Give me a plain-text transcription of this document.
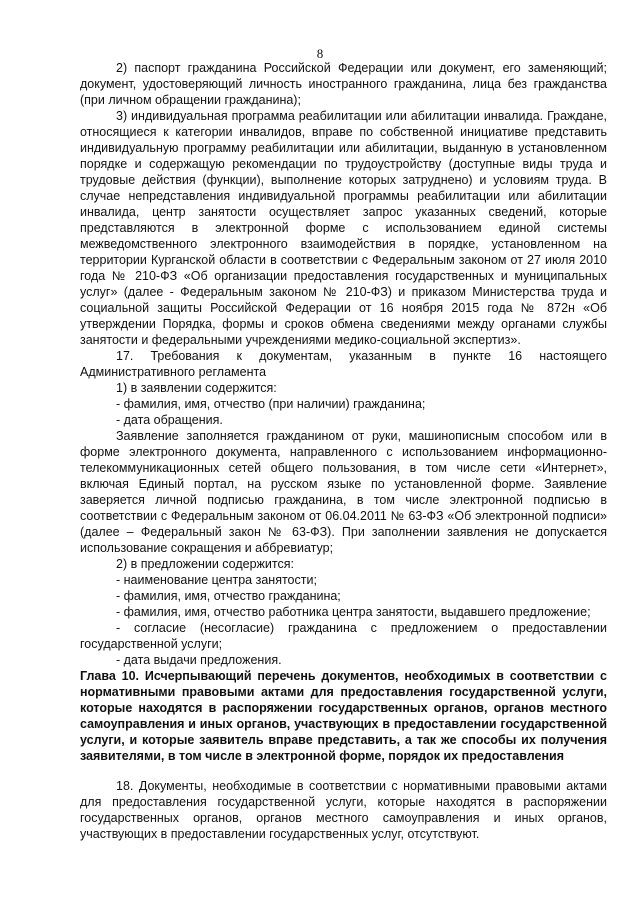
8

2) паспорт гражданина Российской Федерации или документ, его заменяющий; документ, удостоверяющий личность иностранного гражданина, лица без гражданства (при личном обращении гражданина);

3) индивидуальная программа реабилитации или абилитации инвалида. Граждане, относящиеся к категории инвалидов, вправе по собственной инициативе представить индивидуальную программу реабилитации или абилитации, выданную в установленном порядке и содержащую рекомендации по трудоустройству (доступные виды труда и трудовые действия (функции), выполнение которых затруднено) и условиям труда. В случае непредставления индивидуальной программы реабилитации или абилитации инвалида, центр занятости осуществляет запрос указанных сведений, которые представляются в электронной форме с использованием единой системы межведомственного электронного взаимодействия в порядке, установленном на территории Курганской области в соответствии с Федеральным законом от 27 июля 2010 года № 210-ФЗ «Об организации предоставления государственных и муниципальных услуг» (далее - Федеральным законом № 210-ФЗ) и приказом Министерства труда и социальной защиты Российской Федерации от 16 ноября 2015 года № 872н «Об утверждении Порядка, формы и сроков обмена сведениями между органами службы занятости и федеральными учреждениями медико-социальной экспертиз».

17. Требования к документам, указанным в пункте 16 настоящего Административного регламента

1) в заявлении содержится:

- фамилия, имя, отчество (при наличии) гражданина;

- дата обращения.

Заявление заполняется гражданином от руки, машинописным способом или в форме электронного документа, направленного с использованием информационно-телекоммуникационных сетей общего пользования, в том числе сети «Интернет», включая Единый портал, на русском языке по установленной форме. Заявление заверяется личной подписью гражданина, в том числе электронной подписью в соответствии с Федеральным законом от 06.04.2011 № 63-ФЗ «Об электронной подписи» (далее – Федеральный закон № 63-ФЗ). При заполнении заявления не допускается использование сокращения и аббревиатур;

2) в предложении содержится:

- наименование центра занятости;

- фамилия, имя, отчество гражданина;

- фамилия, имя, отчество работника центра занятости, выдавшего предложение;

- согласие (несогласие) гражданина с предложением о предоставлении государственной услуги;

- дата выдачи предложения.

Глава 10. Исчерпывающий перечень документов, необходимых в соответствии с нормативными правовыми актами для предоставления государственной услуги, которые находятся в распоряжении государственных органов, органов местного самоуправления и иных органов, участвующих в предоставлении государственной услуги, и которые заявитель вправе представить, а так же способы их получения заявителями, в том числе в электронной форме, порядок их предоставления

18. Документы, необходимые в соответствии с нормативными правовыми актами для предоставления государственной услуги, которые находятся в распоряжении государственных органов, органов местного самоуправления и иных органов, участвующих в предоставлении государственных услуг, отсутствуют.
